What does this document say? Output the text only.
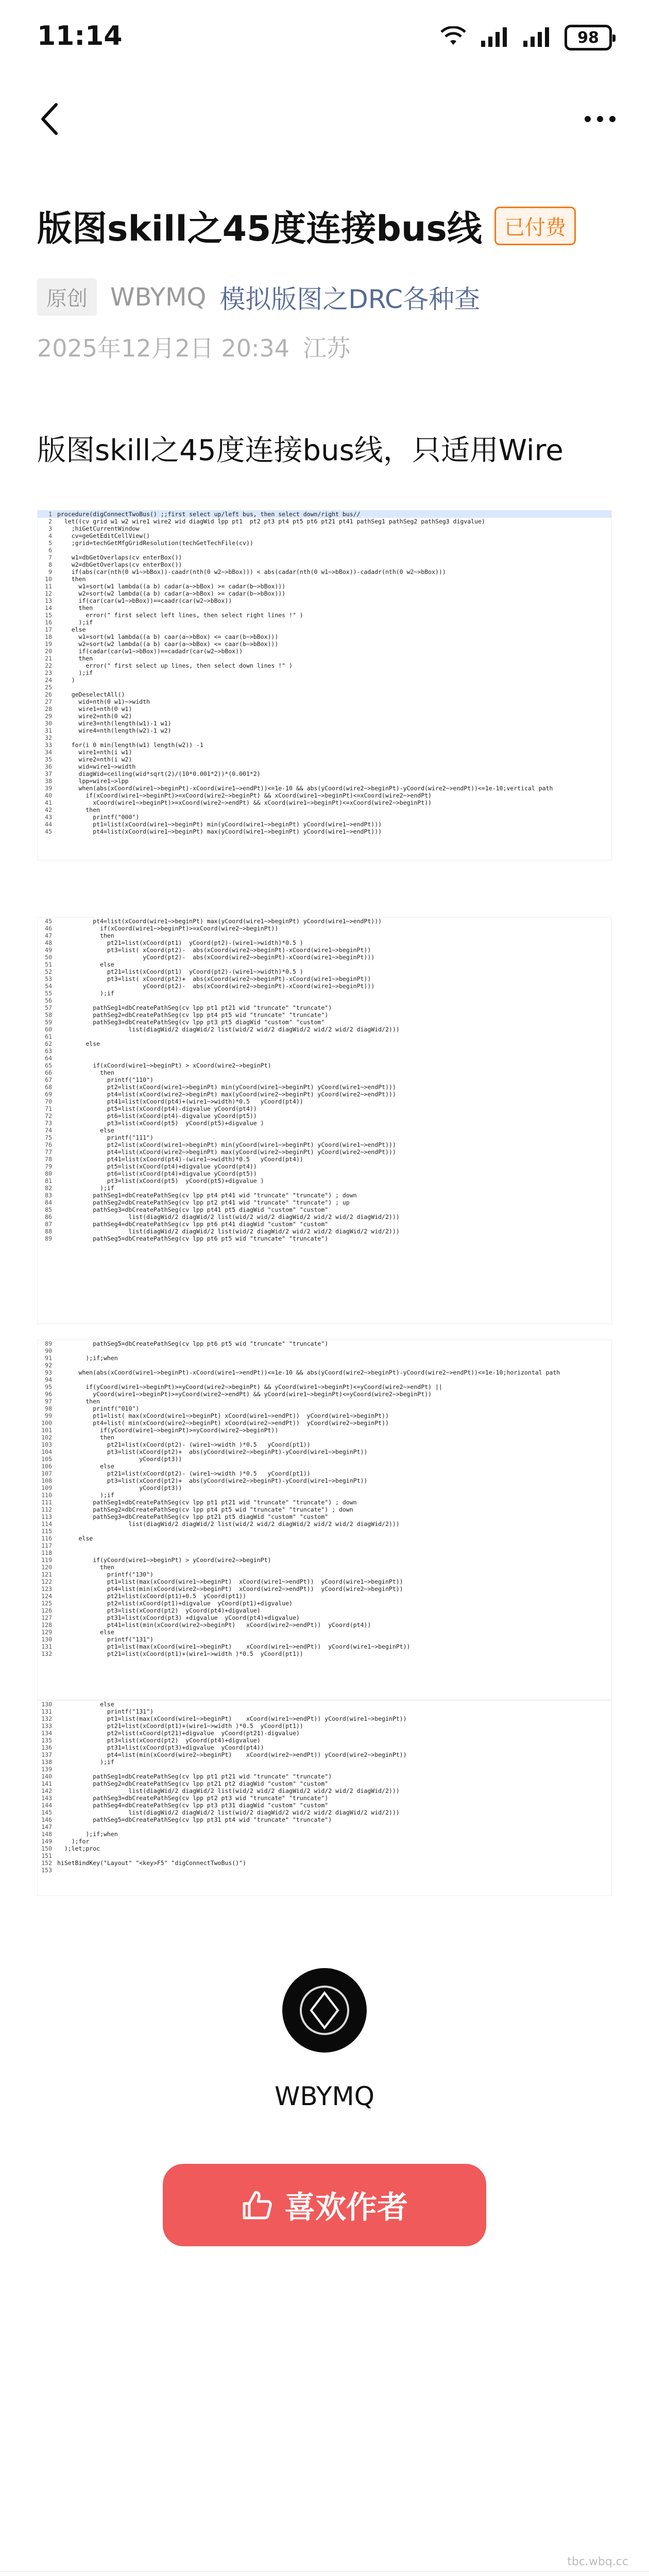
11:14	98
版图skill之45度连接bus线	已付费
原创 WBYMQ 模拟版图之DRC各种查
2025年12月2日 20:34 江苏
版图skill之45度连接bus线，只适用Wire
1 procedure(digConnectTwoBus() ;;first select up/left bus, then select down/right bus//
2  let((cv grid w1 w2 wire1 wire2 wid diagWid lpp pt1  pt2 pt3 pt4 pt5 pt6 pt21 pt41 pathSeg1 pathSeg2 pathSeg3 digvalue)
3    ;hiGetCurrentWindow
4    cv=geGetEditCellView()
5    ;grid=techGetMfgGridResolution(techGetTechFile(cv))
6
7    w1=dbGetOverlaps(cv enterBox())
8    w2=dbGetOverlaps(cv enterBox())
9    if(abs(car(nth(0 w1~>bBox))-caadr(nth(0 w2~>bBox))) < abs(cadar(nth(0 w1~>bBox))-cadadr(nth(0 w2~>bBox)))
10    then
11      w1=sort(w1 lambda((a b) cadar(a~>bBox) >= cadar(b~>bBox)))
12      w2=sort(w2 lambda((a b) cadar(a~>bBox) >= cadar(b~>bBox)))
13      if(car(car(w1~>bBox))==caadr(car(w2~>bBox))
14      then
15        error(" first select left lines, then select right lines !" )
16      );if
17    else
18      w1=sort(w1 lambda((a b) caar(a~>bBox) <= caar(b~>bBox)))
19      w2=sort(w2 lambda((a b) caar(a~>bBox) <= caar(b~>bBox)))
20      if(cadar(car(w1~>bBox))==cadadr(car(w2~>bBox))
21      then
22        error(" first select up lines, then select down lines !" )
23      );if
24    )
25
26    geDeselectAll()
27      wid=nth(0 w1)~>width
28      wire1=nth(0 w1)
29      wire2=nth(0 w2)
30      wire3=nth(length(w1)-1 w1)
31      wire4=nth(length(w2)-1 w2)
32
33    for(i 0 min(length(w1) length(w2)) -1
34      wire1=nth(i w1)
35      wire2=nth(i w2)
36      wid=wire1~>width
37      diagWid=ceiling(wid*sqrt(2)/(10*0.001*2))*(0.001*2)
38      lpp=wire1~>lpp
39      when(abs(xCoord(wire1~>beginPt)-xCoord(wire1~>endPt))<=1e-10 && abs(yCoord(wire2~>beginPt)-yCoord(wire2~>endPt))<=1e-10;vertical path
40        if(xCoord(wire1~>beginPt)>=xCoord(wire2~>beginPt) && xCoord(wire1~>beginPt)<=xCoord(wire2~>endPt)
41          xCoord(wire1~>beginPt)>=xCoord(wire2~>endPt) && xCoord(wire1~>beginPt)<=xCoord(wire2~>beginPt))
42        then
43          printf("000")
44          pt1=list(xCoord(wire1~>beginPt) min(yCoord(wire1~>beginPt) yCoord(wire1~>endPt)))
45          pt4=list(xCoord(wire1~>beginPt) max(yCoord(wire1~>beginPt) yCoord(wire1~>endPt)))
45          pt4=list(xCoord(wire1~>beginPt) max(yCoord(wire1~>beginPt) yCoord(wire1~>endPt)))
46            if(xCoord(wire1~>beginPt)>=xCoord(wire2~>beginPt))
47            then
48              pt21=list(xCoord(pt1)  yCoord(pt2)-(wire1~>width)*0.5 )
49              pt3=list( xCoord(pt2)-  abs(xCoord(wire2~>beginPt)-xCoord(wire1~>beginPt))
50                        yCoord(pt2)-  abs(xCoord(wire2~>beginPt)-xCoord(wire1~>beginPt)))
51            else
52              pt21=list(xCoord(pt1)  yCoord(pt2)-(wire1~>width)*0.5 )
53              pt3=list( xCoord(pt2)+  abs(xCoord(wire2~>beginPt)-xCoord(wire1~>beginPt))
54                        yCoord(pt2)-  abs(xCoord(wire2~>beginPt)-xCoord(wire1~>beginPt)))
55            );if
56
57          pathSeg1=dbCreatePathSeg(cv lpp pt1 pt21 wid "truncate" "truncate")
58          pathSeg2=dbCreatePathSeg(cv lpp pt4 pt5 wid "truncate" "truncate")
59          pathSeg3=dbCreatePathSeg(cv lpp pt3 pt5 diagWid "custom" "custom"
60                    list(diagWid/2 diagWid/2 list(wid/2 wid/2 diagWid/2 wid/2 wid/2 diagWid/2)))
61
62        else
63
64
65          if(xCoord(wire1~>beginPt) > xCoord(wire2~>beginPt)
66            then
67              printf("110")
68              pt2=list(xCoord(wire1~>beginPt) min(yCoord(wire1~>beginPt) yCoord(wire1~>endPt)))
69              pt4=list(xCoord(wire2~>beginPt) max(yCoord(wire2~>beginPt) yCoord(wire2~>endPt)))
70              pt41=list(xCoord(pt4)+(wire1~>width)*0.5   yCoord(pt4))
71              pt5=list(xCoord(pt4)-digvalue yCoord(pt4))
72              pt6=list(xCoord(pt4)-digvalue yCoord(pt5))
73              pt3=list(xCoord(pt5)  yCoord(pt5)+digvalue )
74            else
75              printf("111")
76              pt2=list(xCoord(wire1~>beginPt) min(yCoord(wire1~>beginPt) yCoord(wire1~>endPt)))
77              pt4=list(xCoord(wire2~>beginPt) max(yCoord(wire2~>beginPt) yCoord(wire2~>endPt)))
78              pt41=list(xCoord(pt4)-(wire1~>width)*0.5   yCoord(pt4))
79              pt5=list(xCoord(pt4)+digvalue yCoord(pt4))
80              pt6=list(xCoord(pt4)+digvalue yCoord(pt5))
81              pt3=list(xCoord(pt5)  yCoord(pt5)+digvalue )
82            );if
83          pathSeg1=dbCreatePathSeg(cv lpp pt4 pt41 wid "truncate" "truncate") ; down
84          pathSeg2=dbCreatePathSeg(cv lpp pt2 pt41 wid "truncate" "truncate") ; up
85          pathSeg3=dbCreatePathSeg(cv lpp pt41 pt5 diagWid "custom" "custom"
86                    list(diagWid/2 diagWid/2 list(wid/2 wid/2 diagWid/2 wid/2 wid/2 diagWid/2)))
87          pathSeg4=dbCreatePathSeg(cv lpp pt6 pt41 diagWid "custom" "custom"
88                    list(diagWid/2 diagWid/2 list(wid/2 diagWid/2 wid/2 wid/2 diagWid/2 wid/2)))
89          pathSeg5=dbCreatePathSeg(cv lpp pt6 pt5 wid "truncate" "truncate")
89          pathSeg5=dbCreatePathSeg(cv lpp pt6 pt5 wid "truncate" "truncate")
90
91        );if;when
92
93      when(abs(xCoord(wire1~>beginPt)-xCoord(wire1~>endPt))<=1e-10 && abs(yCoord(wire2~>beginPt)-yCoord(wire2~>endPt))<=1e-10;horizontal path
94
95        if(yCoord(wire1~>beginPt)>=yCoord(wire2~>beginPt) && yCoord(wire1~>beginPt)<=yCoord(wire2~>endPt) ||
96          yCoord(wire1~>beginPt)>=yCoord(wire2~>endPt) && yCoord(wire1~>beginPt)<=yCoord(wire2~>beginPt))
97        then
98          printf("010")
99          pt1=list( max(xCoord(wire1~>beginPt) xCoord(wire1~>endPt))  yCoord(wire1~>beginPt))
100          pt4=list( min(xCoord(wire2~>beginPt) xCoord(wire2~>endPt))  yCoord(wire2~>beginPt))
101            if(yCoord(wire1~>beginPt)>=yCoord(wire2~>beginPt))
102            then
103              pt21=list(xCoord(pt2)- (wire1~>width )*0.5   yCoord(pt1))
104              pt3=list(xCoord(pt2)+  abs(yCoord(wire2~>beginPt)-yCoord(wire1~>beginPt))
105                       yCoord(pt3))
106            else
107              pt21=list(xCoord(pt2)- (wire1~>width )*0.5   yCoord(pt1))
108              pt3=list(xCoord(pt2)+  abs(yCoord(wire2~>beginPt)-yCoord(wire1~>beginPt))
109                       yCoord(pt3))
110            );if
111          pathSeg1=dbCreatePathSeg(cv lpp pt1 pt21 wid "truncate" "truncate") ; down
112          pathSeg2=dbCreatePathSeg(cv lpp pt4 pt5 wid "truncate" "truncate") ; down
113          pathSeg3=dbCreatePathSeg(cv lpp pt21 pt5 diagWid "custom" "custom"
114                    list(diagWid/2 diagWid/2 list(wid/2 wid/2 diagWid/2 wid/2 wid/2 diagWid/2)))
115
116      else
117
118
119          if(yCoord(wire1~>beginPt) > yCoord(wire2~>beginPt)
120            then
121              printf("130")
122              pt1=list(max(xCoord(wire1~>beginPt)  xCoord(wire1~>endPt))  yCoord(wire1~>beginPt))
123              pt4=list(min(xCoord(wire2~>beginPt)  xCoord(wire2~>endPt))  yCoord(wire2~>beginPt))
124              pt21=list(xCoord(pt1)+0.5  yCoord(pt1))
125              pt2=list(xCoord(pt1)+digvalue  yCoord(pt1)+digvalue)
126              pt3=list(xCoord(pt2)  yCoord(pt4)+digvalue)
127              pt31=list(xCoord(pt3) +digvalue  yCoord(pt4)+digvalue)
128              pt41=list(min(xCoord(wire2~>beginPt)   xCoord(wire2~>endPt))  yCoord(pt4))
129            else
130              printf("131")
131              pt1=list(max(xCoord(wire1~>beginPt)    xCoord(wire1~>endPt))  yCoord(wire1~>beginPt))
132              pt21=list(xCoord(pt1)+(wire1~>width )*0.5  yCoord(pt1))
130            else
131              printf("131")
132              pt1=list(max(xCoord(wire1~>beginPt)    xCoord(wire1~>endPt)) yCoord(wire1~>beginPt))
133              pt21=list(xCoord(pt1)+(wire1~>width )*0.5  yCoord(pt1))
134              pt2=list(xCoord(pt21)+digvalue  yCoord(pt21)-digvalue)
135              pt3=list(xCoord(pt2)  yCoord(pt4)+digvalue)
136              pt31=list(xCoord(pt3)+digvalue  yCoord(pt4))
137              pt4=list(min(xCoord(wire2~>beginPt)    xCoord(wire2~>endPt)) yCoord(wire2~>beginPt))
138            );if
139
140          pathSeg1=dbCreatePathSeg(cv lpp pt1 pt21 wid "truncate" "truncate")
141          pathSeg2=dbCreatePathSeg(cv lpp pt21 pt2 diagWid "custom" "custom"
142                    list(diagWid/2 diagWid/2 list(wid/2 wid/2 diagWid/2 wid/2 wid/2 diagWid/2)))
143          pathSeg3=dbCreatePathSeg(cv lpp pt2 pt3 wid "truncate" "truncate")
144          pathSeg4=dbCreatePathSeg(cv lpp pt3 pt31 diagWid "custom" "custom"
145                    list(diagWid/2 diagWid/2 list(wid/2 diagWid/2 wid/2 wid/2 diagWid/2 wid/2)))
146          pathSeg5=dbCreatePathSeg(cv lpp pt31 pt4 wid "truncate" "truncate")
147
148        );if;when
149    );for
150  );let;proc
151
152 hiSetBindKey("Layout" "<key>F5" "digConnectTwoBus()")
153
WBYMQ
喜欢作者
tbc.wbq.cc
